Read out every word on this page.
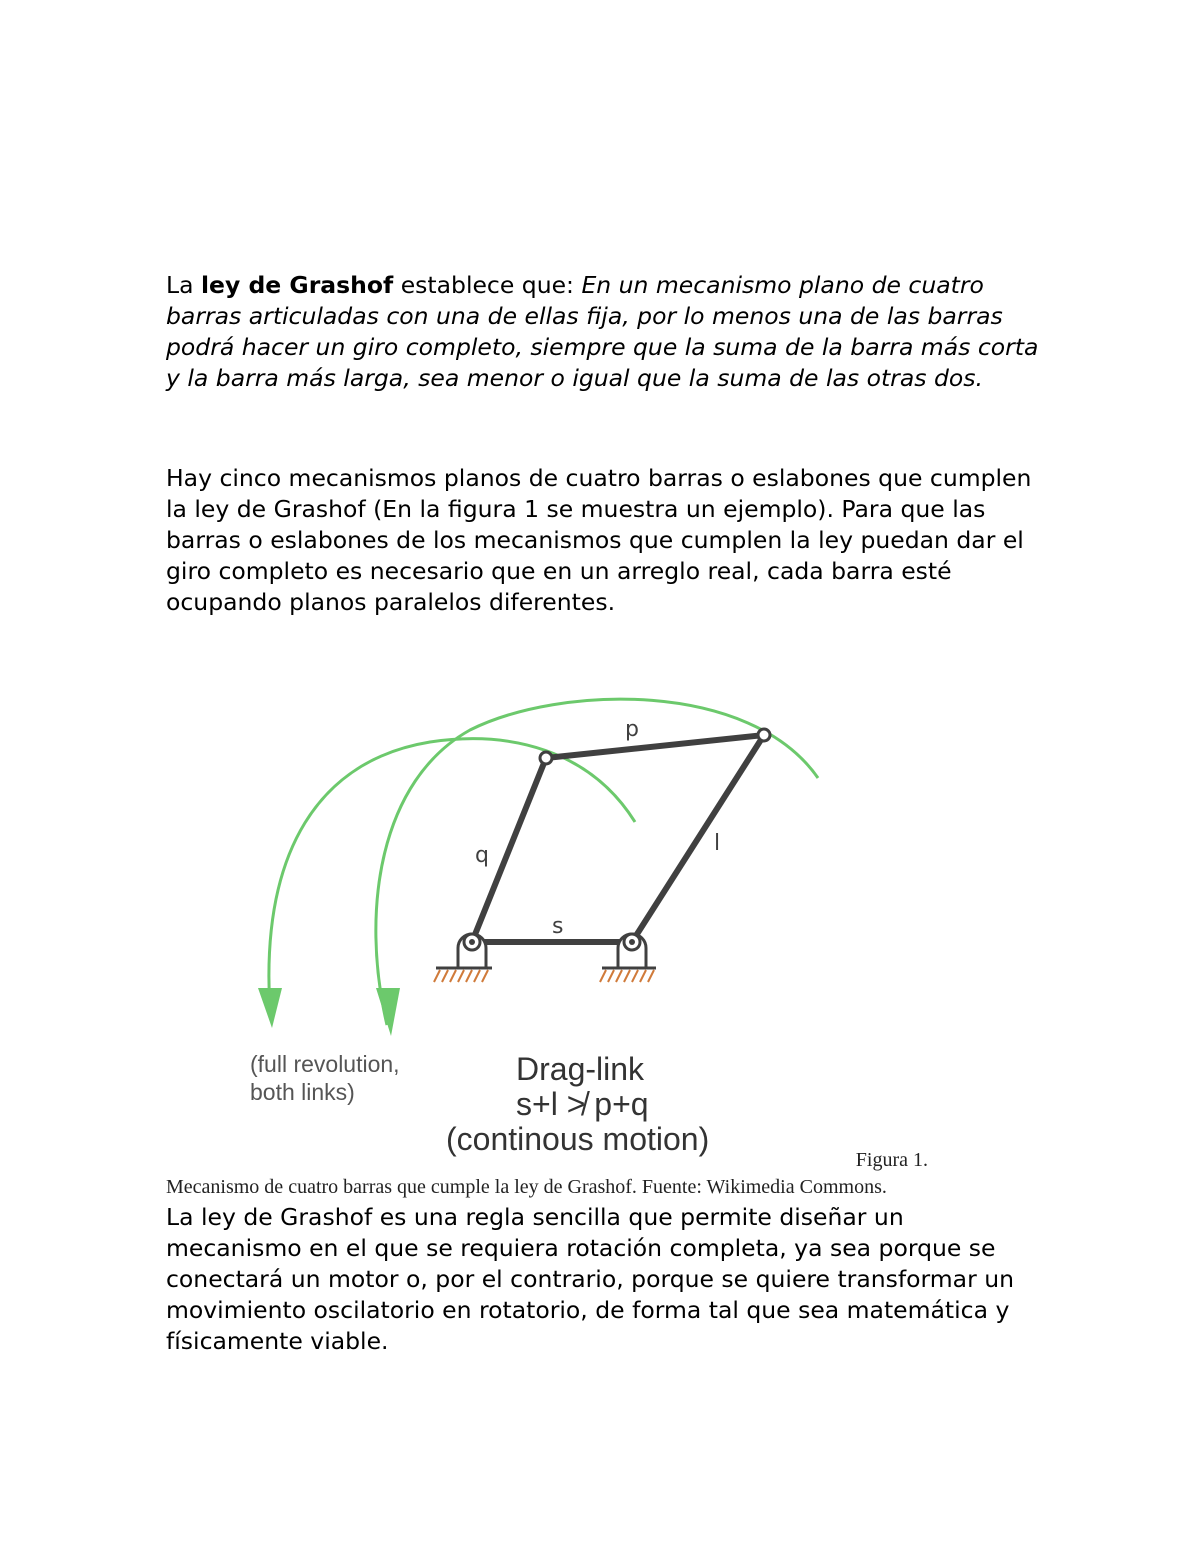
La ley de Grashof establece que: En un mecanismo plano de cuatro barras articuladas con una de ellas fija, por lo menos una de las barras podrá hacer un giro completo, siempre que la suma de la barra más corta y la barra más larga, sea menor o igual que la suma de las otras dos.

Hay cinco mecanismos planos de cuatro barras o eslabones que cumplen la ley de Grashof (En la figura 1 se muestra un ejemplo). Para que las barras o eslabones de los mecanismos que cumplen la ley puedan dar el giro completo es necesario que en un arreglo real, cada barra esté ocupando planos paralelos diferentes.

p
q	l
s
(full revolution,
both links)
Drag-link
s+l ≯ p+q
(continous motion)
Figura 1.
Mecanismo de cuatro barras que cumple la ley de Grashof. Fuente: Wikimedia Commons.

La ley de Grashof es una regla sencilla que permite diseñar un mecanismo en el que se requiera rotación completa, ya sea porque se conectará un motor o, por el contrario, porque se quiere transformar un movimiento oscilatorio en rotatorio, de forma tal que sea matemática y físicamente viable.
